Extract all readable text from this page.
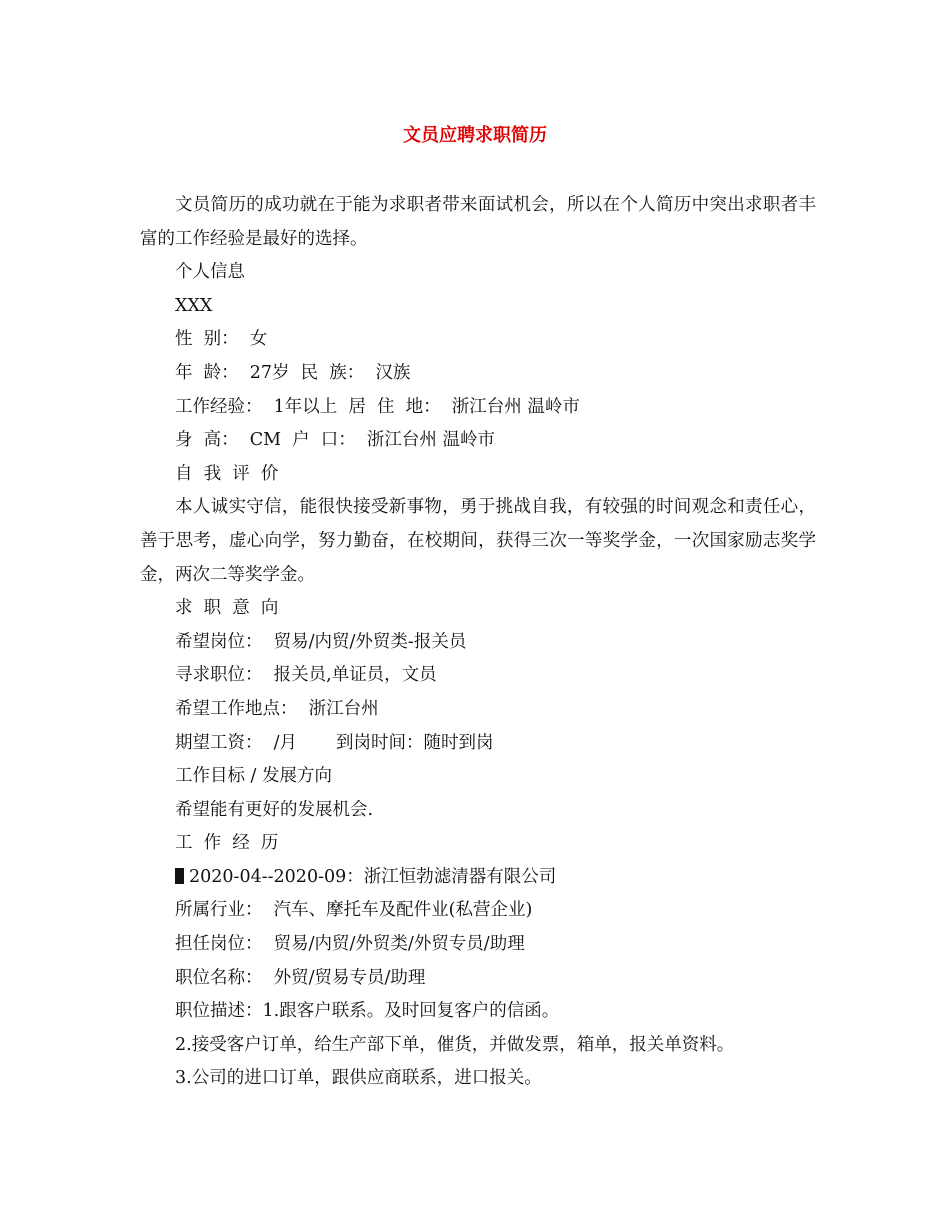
文员应聘求职简历

文员简历的成功就在于能为求职者带来面试机会，所以在个人简历中突出求职者丰富的工作经验是最好的选择。

个人信息

XXX

性  别：  女

年  龄：  27岁  民  族：  汉族

工作经验：  1年以上  居  住  地：  浙江台州 温岭市

身  高：  CM  户  口：  浙江台州 温岭市

自  我  评  价

本人诚实守信，能很快接受新事物，勇于挑战自我，有较强的时间观念和责任心，善于思考，虚心向学，努力勤奋，在校期间，获得三次一等奖学金，一次国家励志奖学金，两次二等奖学金。

求  职  意  向

希望岗位：  贸易/内贸/外贸类-报关员

寻求职位：  报关员,单证员，文员

希望工作地点：  浙江台州

期望工资：  /月       到岗时间：随时到岗

工作目标 / 发展方向

希望能有更好的发展机会.

工  作  经  历

2020-04--2020-09：浙江恒勃滤清器有限公司

所属行业：  汽车、摩托车及配件业(私营企业)

担任岗位：  贸易/内贸/外贸类/外贸专员/助理

职位名称：  外贸/贸易专员/助理

职位描述：1.跟客户联系。及时回复客户的信函。

2.接受客户订单，给生产部下单，催货，并做发票，箱单，报关单资料。

3.公司的进口订单，跟供应商联系，进口报关。
